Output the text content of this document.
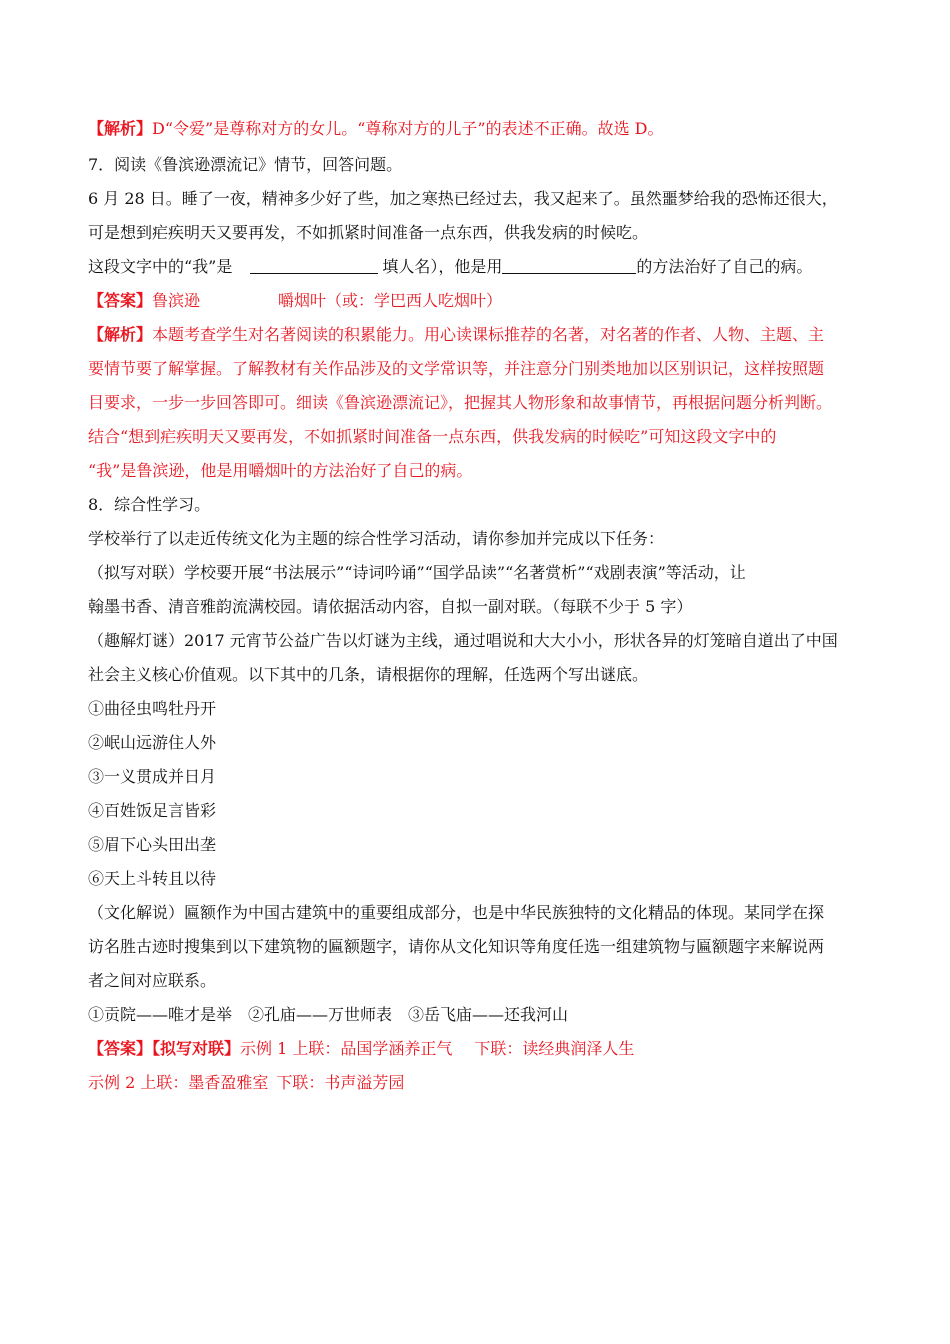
【解析】D“令爱”是尊称对方的女儿。“尊称对方的儿子”的表述不正确。故选 D。
7．阅读《鲁滨逊漂流记》情节，回答问题。
6 月 28 日。睡了一夜，精神多少好了些，加之寒热已经过去，我又起来了。虽然噩梦给我的恐怖还很大，
可是想到疟疾明天又要再发，不如抓紧时间准备一点东西，供我发病的时候吃。
这段文字中的“我”是	填人名），他是用	的方法治好了自己的病。
【答案】鲁滨逊	嚼烟叶（或：学巴西人吃烟叶）
【解析】本题考查学生对名著阅读的积累能力。用心读课标推荐的名著，对名著的作者、人物、主题、主
要情节要了解掌握。了解教材有关作品涉及的文学常识等，并注意分门别类地加以区别识记，这样按照题
目要求，一步一步回答即可。细读《鲁滨逊漂流记》，把握其人物形象和故事情节，再根据问题分析判断。
结合“想到疟疾明天又要再发，不如抓紧时间准备一点东西，供我发病的时候吃”可知这段文字中的
“我”是鲁滨逊，他是用嚼烟叶的方法治好了自己的病。
8．综合性学习。
学校举行了以走近传统文化为主题的综合性学习活动，请你参加并完成以下任务：
（拟写对联）学校要开展“书法展示”“诗词吟诵”“国学品读”“名著赏析”“戏剧表演”等活动，让
翰墨书香、清音雅韵流满校园。请依据活动内容，自拟一副对联。（每联不少于 5 字）
（趣解灯谜）2017 元宵节公益广告以灯谜为主线，通过唱说和大大小小，形状各异的灯笼暗自道出了中国
社会主义核心价值观。以下其中的几条，请根据你的理解，任选两个写出谜底。
①曲径虫鸣牡丹开
②岷山远游住人外
③一义贯成并日月
④百姓饭足言皆彩
⑤眉下心头田出垄
⑥天上斗转且以待
（文化解说）匾额作为中国古建筑中的重要组成部分，也是中华民族独特的文化精品的体现。某同学在探
访名胜古迹时搜集到以下建筑物的匾额题字，请你从文化知识等角度任选一组建筑物与匾额题字来解说两
者之间对应联系。
①贡院——唯才是举 ②孔庙——万世师表 ③岳飞庙——还我河山
【答案】【拟写对联】示例 1 上联：品国学涵养正气 下联：读经典润泽人生
示例 2 上联：墨香盈雅室 下联：书声溢芳园
